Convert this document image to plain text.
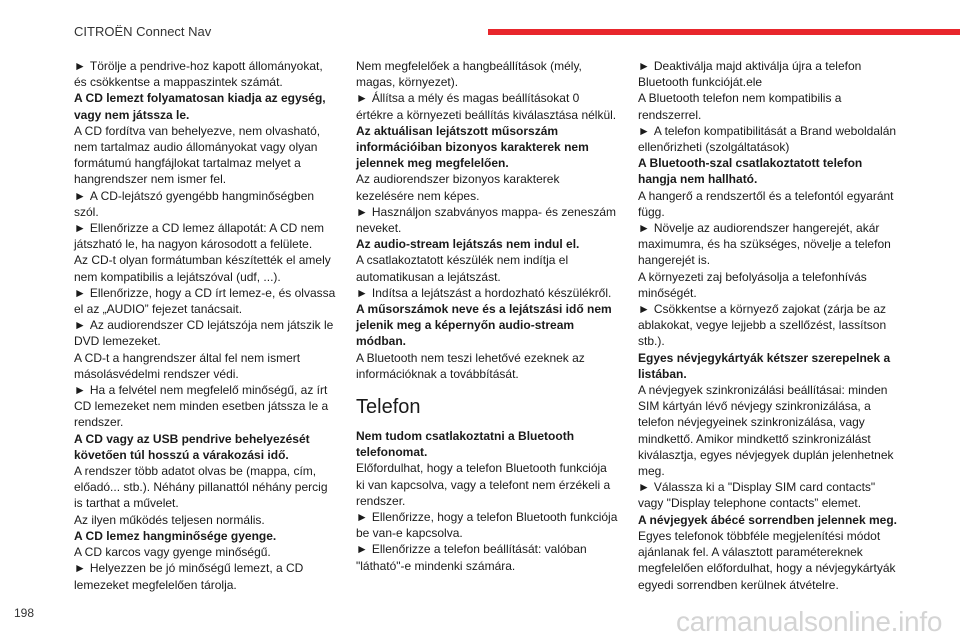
CITROËN Connect Nav

► Törölje a pendrive-hoz kapott állományokat, és csökkentse a mappaszintek számát.

A CD lemezt folyamatosan kiadja az egység, vagy nem játssza le.

A CD fordítva van behelyezve, nem olvasható, nem tartalmaz audio állományokat vagy olyan formátumú hangfájlokat tartalmaz melyet a hangrendszer nem ismer fel.

► A CD-lejátszó gyengébb hangminőségben szól.

► Ellenőrizze a CD lemez állapotát: A CD nem játszható le, ha nagyon károsodott a felülete.

Az CD-t olyan formátumban készítették el amely nem kompatibilis a lejátszóval (udf, ...).

► Ellenőrizze, hogy a CD írt lemez-e, és olvassa el az „AUDIO” fejezet tanácsait.

► Az audiorendszer CD lejátszója nem játszik le DVD lemezeket.

A CD-t a hangrendszer által fel nem ismert másolásvédelmi rendszer védi.

► Ha a felvétel nem megfelelő minőségű, az írt CD lemezeket nem minden esetben játssza le a rendszer.

A CD vagy az USB pendrive behelyezését követően túl hosszú a várakozási idő.

A rendszer több adatot olvas be (mappa, cím, előadó... stb.). Néhány pillanattól néhány percig is tarthat a művelet.

Az ilyen működés teljesen normális.

A CD lemez hangminősége gyenge.

A CD karcos vagy gyenge minőségű.

► Helyezzen be jó minőségű lemezt, a CD lemezeket megfelelően tárolja.

Nem megfelelőek a hangbeállítások (mély, magas, környezet).

► Állítsa a mély és magas beállításokat 0 értékre a környezeti beállítás kiválasztása nélkül.

Az aktuálisan lejátszott műsorszám információiban bizonyos karakterek nem jelennek meg megfelelően.

Az audiorendszer bizonyos karakterek kezelésére nem képes.

► Használjon szabványos mappa- és zeneszám neveket.

Az audio-stream lejátszás nem indul el.

A csatlakoztatott készülék nem indítja el automatikusan a lejátszást.

► Indítsa a lejátszást a hordozható készülékről.

A műsorszámok neve és a lejátszási idő nem jelenik meg a képernyőn audio-stream módban.

A Bluetooth nem teszi lehetővé ezeknek az információknak a továbbítását.

Telefon

Nem tudom csatlakoztatni a Bluetooth telefonomat.

Előfordulhat, hogy a telefon Bluetooth funkciója ki van kapcsolva, vagy a telefont nem érzékeli a rendszer.

► Ellenőrizze, hogy a telefon Bluetooth funkciója be van-e kapcsolva.

► Ellenőrizze a telefon beállítását: valóban "látható"-e mindenki számára.

► Deaktiválja majd aktiválja újra a telefon Bluetooth funkcióját.ele

A Bluetooth telefon nem kompatibilis a rendszerrel.

► A telefon kompatibilitását a Brand weboldalán ellenőrizheti (szolgáltatások)

A Bluetooth-szal csatlakoztatott telefon hangja nem hallható.

A hangerő a rendszertől és a telefontól egyaránt függ.

► Növelje az audiorendszer hangerejét, akár maximumra, és ha szükséges, növelje a telefon hangerejét is.

A környezeti zaj befolyásolja a telefonhívás minőségét.

► Csökkentse a környező zajokat (zárja be az ablakokat, vegye lejjebb a szellőzést, lassítson stb.).

Egyes névjegykártyák kétszer szerepelnek a listában.

A névjegyek szinkronizálási beállításai: minden SIM kártyán lévő névjegy szinkronizálása, a telefon névjegyeinek szinkronizálása, vagy mindkettő. Amikor mindkettő szinkronizálást kiválasztja, egyes névjegyek duplán jelenhetnek meg.

► Válassza ki a "Display SIM card contacts" vagy "Display telephone contacts” elemet.

A névjegyek ábécé sorrendben jelennek meg.

Egyes telefonok többféle megjelenítési módot ajánlanak fel. A választott paramétereknek megfelelően előfordulhat, hogy a névjegykártyák egyedi sorrendben kerülnek átvételre.

198	carmanualsonline.info
